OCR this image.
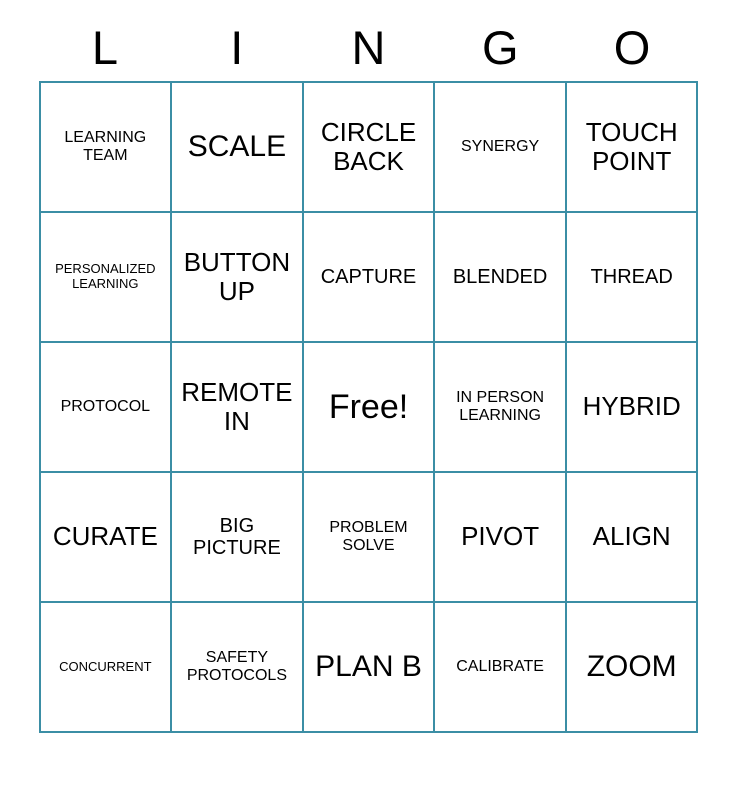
L	I	N	G	O
LEARNING TEAM	SCALE	CIRCLE BACK	SYNERGY	TOUCH POINT

PERSONALIZED LEARNING	BUTTON UP	CAPTURE	BLENDED	THREAD

PROTOCOL	REMOTE IN	Free!	IN PERSON LEARNING	HYBRID

CURATE	BIG PICTURE	PROBLEM SOLVE	PIVOT	ALIGN

CONCURRENT	SAFETY PROTOCOLS	PLAN B	CALIBRATE	ZOOM
